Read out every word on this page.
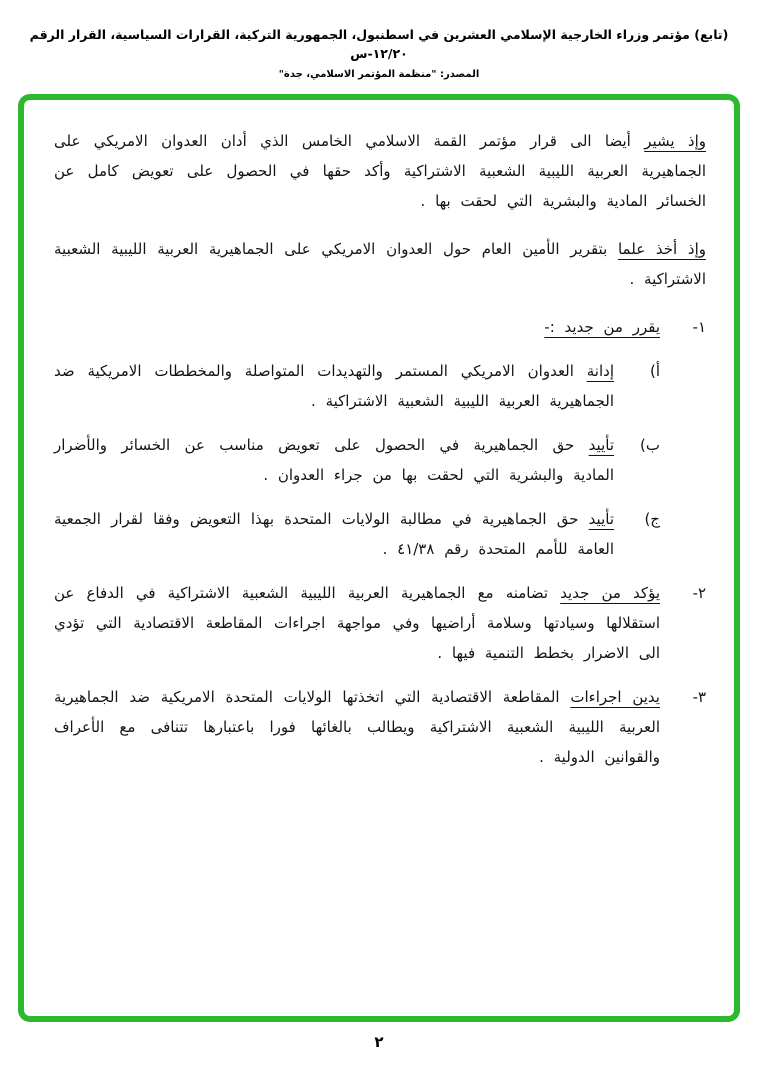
(تابع) مؤتمر وزراء الخارجية الإسلامي العشرين في اسطنبول، الجمهورية التركية، القرارات السياسية، القرار الرقم ١٢/٢٠-س
المصدر: "منظمة المؤتمر الاسلامي، جدة"

وإذ يشير أيضا الى قرار مؤتمر القمة الاسلامي الخامس الذي أدان العدوان الامريكي على الجماهيرية العربية الليبية الشعبية الاشتراكية وأكد حقها في الحصول على تعويض كامل عن الخسائر المادية والبشرية التي لحقت بها .

وإذ أخذ علما بتقرير الأمين العام حول العدوان الامريكي على الجماهيرية العربية الليبية الشعبية الاشتراكية .

١-
يقرر من جديد :-
أ)
إدانة العدوان الامريكي المستمر والتهديدات المتواصلة والمخططات الامريكية ضد الجماهيرية العربية الليبية الشعبية الاشتراكية .
ب)
تأييد حق الجماهيرية في الحصول على تعويض مناسب عن الخسائر والأضرار المادية والبشرية التي لحقت بها من جراء العدوان .
ج)
تأييد حق الجماهيرية في مطالبة الولايات المتحدة بهذا التعويض وفقا لقرار الجمعية العامة للأمم المتحدة رقم ٤١/٣٨ .
٢-
يؤكد من جديد تضامنه مع الجماهيرية العربية الليبية الشعبية الاشتراكية في الدفاع عن استقلالها وسيادتها وسلامة أراضيها وفي مواجهة اجراءات المقاطعة الاقتصادية التي تؤدي الى الاضرار بخطط التنمية فيها .
٣-
يدين اجراءات المقاطعة الاقتصادية التي اتخذتها الولايات المتحدة الامريكية ضد الجماهيرية العربية الليبية الشعبية الاشتراكية ويطالب بالغائها فورا باعتبارها تتنافى مع الأعراف والقوانين الدولية .
٢
